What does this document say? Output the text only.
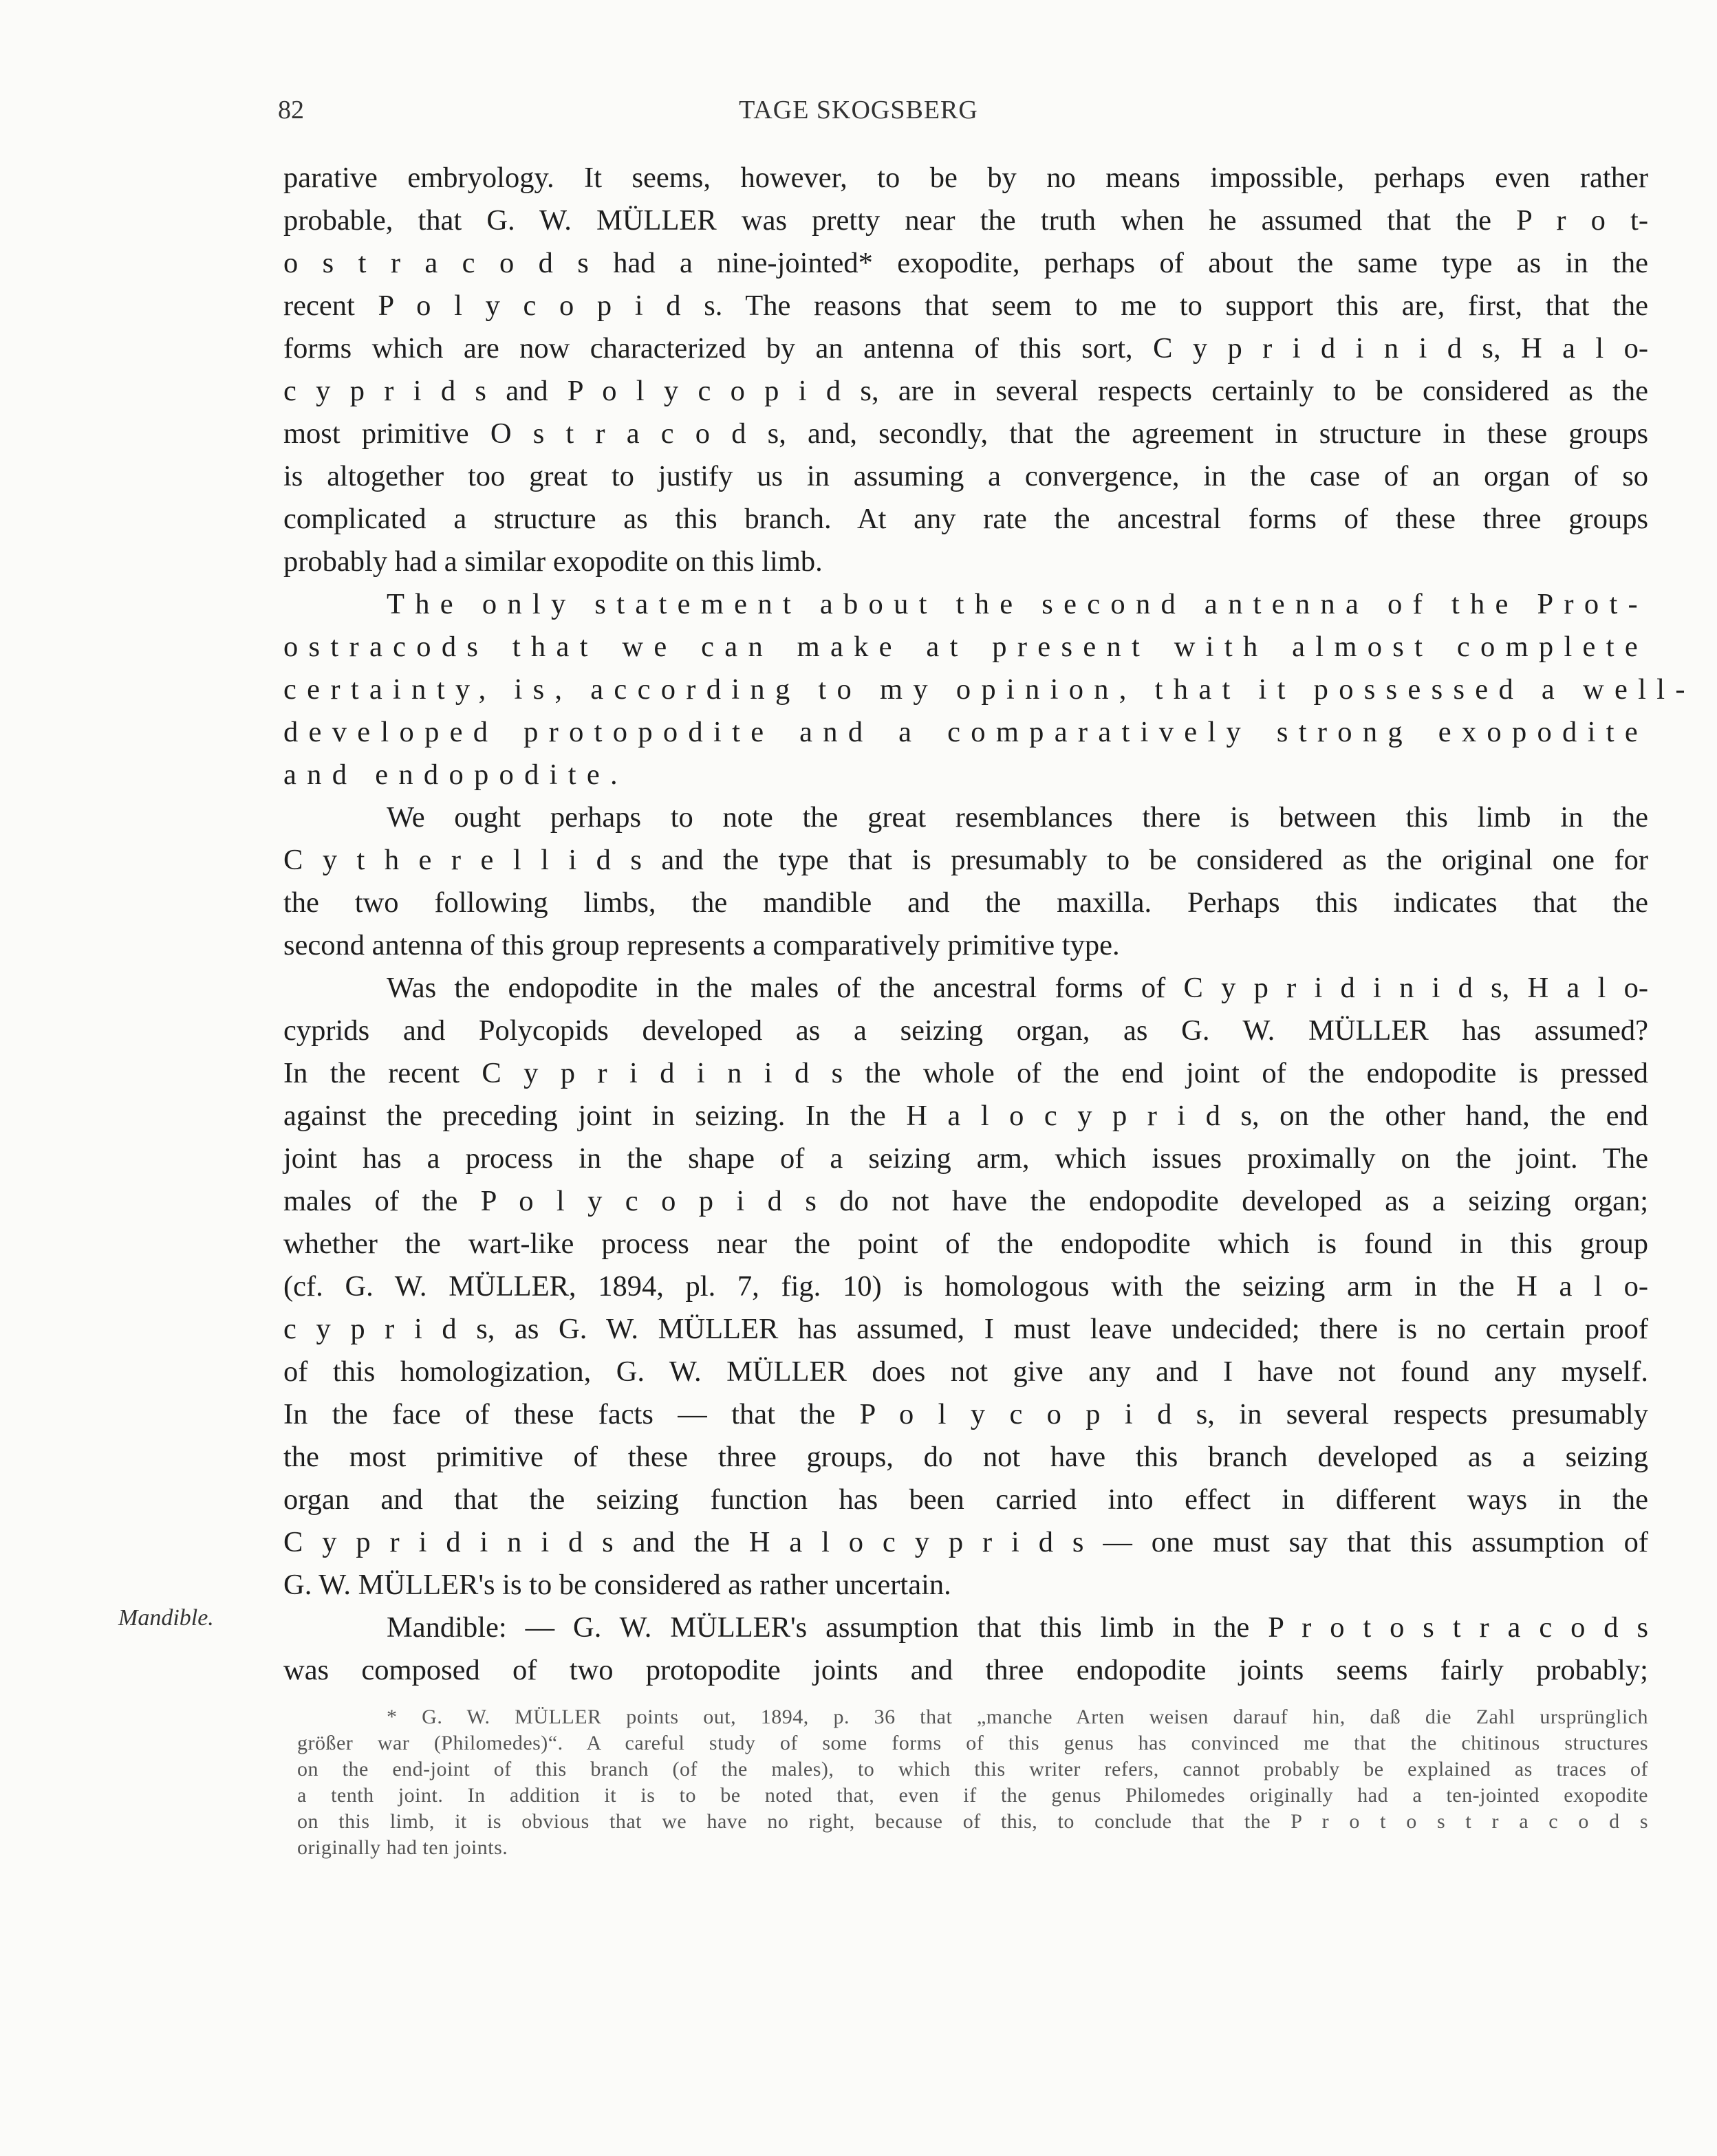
82	TAGE SKOGSBERG
Mandible.
parative embryology. It seems, however, to be by no means impossible, perhaps even rather
probable, that G. W. MÜLLER was pretty near the truth when he assumed that the P r o t-
o s t r a c o d s had a nine-jointed* exopodite, perhaps of about the same type as in the
recent P o l y c o p i d s. The reasons that seem to me to support this are, first, that the
forms which are now characterized by an antenna of this sort, C y p r i d i n i d s, H a l o-
c y p r i d s and P o l y c o p i d s, are in several respects certainly to be considered as the
most primitive O s t r a c o d s, and, secondly, that the agreement in structure in these groups
is altogether too great to justify us in assuming a convergence, in the case of an organ of so
complicated a structure as this branch. At any rate the ancestral forms of these three groups
probably had a similar exopodite on this limb.
The only statement about the second antenna of the Prot-
ostracods that we can make at present with almost complete
certainty, is, according to my opinion, that it possessed a well-
developed protopodite and a comparatively strong exopodite
and endopodite.
We ought perhaps to note the great resemblances there is between this limb in the
C y t h e r e l l i d s and the type that is presumably to be considered as the original one for
the two following limbs, the mandible and the maxilla. Perhaps this indicates that the
second antenna of this group represents a comparatively primitive type.
Was the endopodite in the males of the ancestral forms of C y p r i d i n i d s, H a l o-
cyprids and Polycopids developed as a seizing organ, as G. W. MÜLLER has assumed?
In the recent C y p r i d i n i d s the whole of the end joint of the endopodite is pressed
against the preceding joint in seizing. In the H a l o c y p r i d s, on the other hand, the end
joint has a process in the shape of a seizing arm, which issues proximally on the joint. The
males of the P o l y c o p i d s do not have the endopodite developed as a seizing organ;
whether the wart-like process near the point of the endopodite which is found in this group
(cf. G. W. MÜLLER, 1894, pl. 7, fig. 10) is homologous with the seizing arm in the H a l o-
c y p r i d s, as G. W. MÜLLER has assumed, I must leave undecided; there is no certain proof
of this homologization, G. W. MÜLLER does not give any and I have not found any myself.
In the face of these facts — that the P o l y c o p i d s, in several respects presumably
the most primitive of these three groups, do not have this branch developed as a seizing
organ and that the seizing function has been carried into effect in different ways in the
C y p r i d i n i d s and the H a l o c y p r i d s — one must say that this assumption of
G. W. MÜLLER's is to be considered as rather uncertain.
Mandible: — G. W. MÜLLER's assumption that this limb in the P r o t o s t r a c o d s
was composed of two protopodite joints and three endopodite joints seems fairly probably;
* G. W. MÜLLER points out, 1894, p. 36 that „manche Arten weisen darauf hin, daß die Zahl ursprünglich
größer war (Philomedes)“. A careful study of some forms of this genus has convinced me that the chitinous structures
on the end-joint of this branch (of the males), to which this writer refers, cannot probably be explained as traces of
a tenth joint. In addition it is to be noted that, even if the genus Philomedes originally had a ten-jointed exopodite
on this limb, it is obvious that we have no right, because of this, to conclude that the P r o t o s t r a c o d s
originally had ten joints.
